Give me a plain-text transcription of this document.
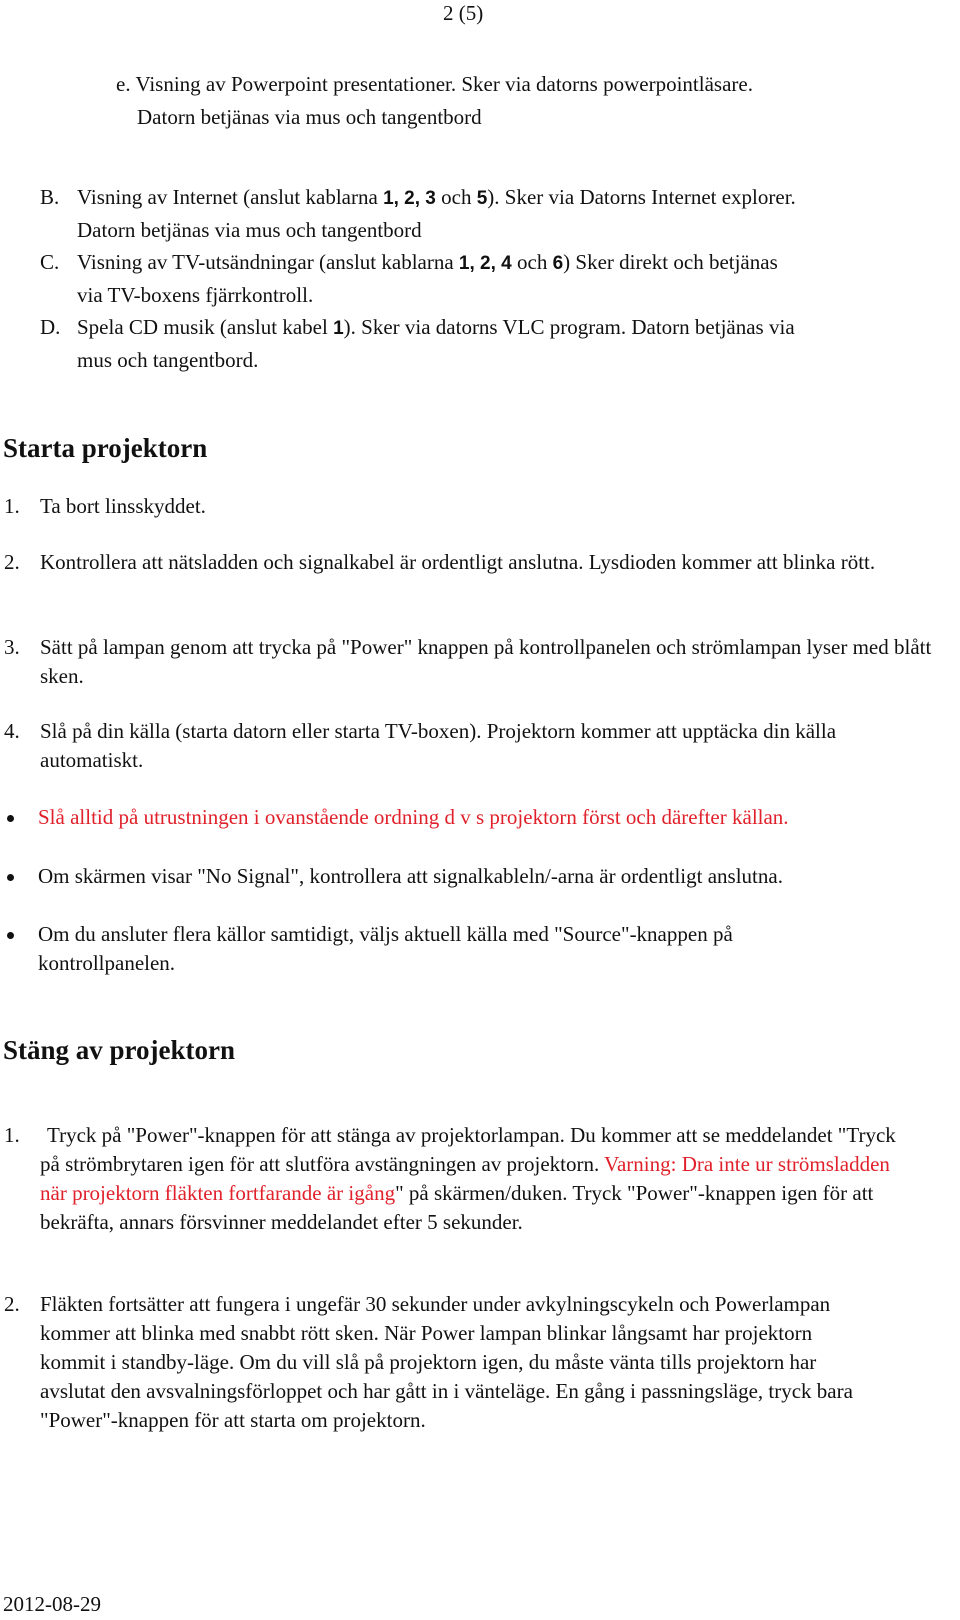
2 (5)
e. Visning av Powerpoint presentationer. Sker via datorns powerpointläsare.
Datorn betjänas via mus och tangentbord
B. Visning av Internet (anslut kablarna 1, 2, 3 och 5). Sker via Datorns Internet explorer.
Datorn betjänas via mus och tangentbord
C. Visning av TV-utsändningar (anslut kablarna 1, 2, 4 och 6) Sker direkt och betjänas
via TV-boxens fjärrkontroll.
D. Spela CD musik (anslut kabel 1). Sker via datorns VLC program. Datorn betjänas via
mus och tangentbord.
Starta projektorn
1. Ta bort linsskyddet.
2. Kontrollera att nätsladden och signalkabel är ordentligt anslutna. Lysdioden kommer att blinka rött.
3. Sätt på lampan genom att trycka på "Power" knappen på kontrollpanelen och strömlampan lyser med blått sken.
4. Slå på din källa (starta datorn eller starta TV-boxen). Projektorn kommer att upptäcka din källa automatiskt.
Slå alltid på utrustningen i ovanstående ordning d v s projektorn först och därefter källan.
Om skärmen visar "No Signal", kontrollera att signalkableln/-arna är ordentligt anslutna.
Om du ansluter flera källor samtidigt, väljs aktuell källa med "Source"-knappen på kontrollpanelen.
Stäng av projektorn
1.	Tryck på "Power"-knappen för att stänga av projektorlampan. Du kommer att se meddelandet "Tryck på strömbrytaren igen för att slutföra avstängningen av projektorn. Varning: Dra inte ur strömsladden när projektorn fläkten fortfarande är igång" på skärmen/duken. Tryck "Power"-knappen igen för att bekräfta, annars försvinner meddelandet efter 5 sekunder.
2. Fläkten fortsätter att fungera i ungefär 30 sekunder under avkylningscykeln och Powerlampan kommer att blinka med snabbt rött sken. När Power lampan blinkar långsamt har projektorn kommit i standby-läge. Om du vill slå på projektorn igen, du måste vänta tills projektorn har avslutat den avsvalningsförloppet och har gått in i vänteläge. En gång i passningsläge, tryck bara "Power"-knappen för att starta om projektorn.
2012-08-29
